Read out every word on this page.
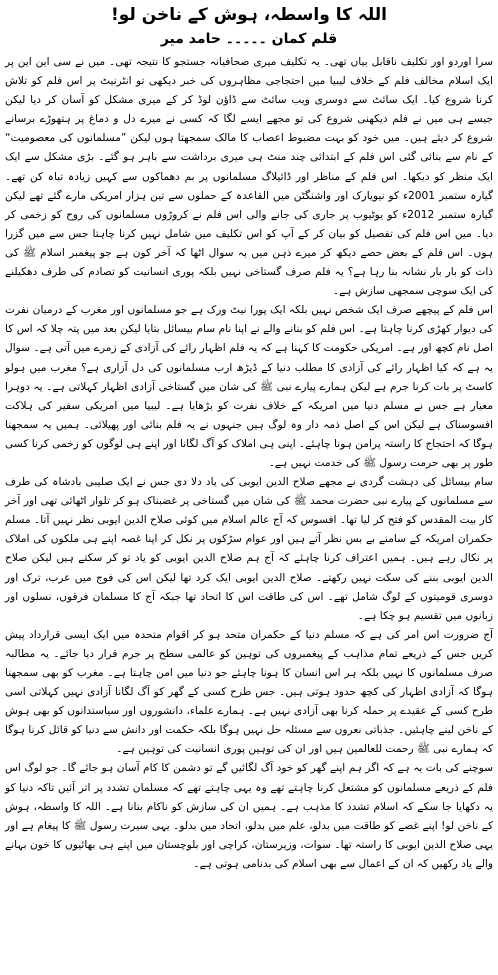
اللہ کا واسطہ، ہوش کے ناخن لو!
قلم کمان ۔۔۔۔۔ حامد میر

سرا اوردو اور تکلیف ناقابل بیاں تھی۔ یہ تکلیف میری صحافیانہ جستجو کا نتیجہ تھی۔ میں نے سی این این پر ایک اسلام مخالف فلم کے خلاف لیبیا میں احتجاجی مظاہروں کی خبر دیکھی تو انٹرنیٹ پر اس فلم کو تلاش کرنا شروع کیا۔ ایک سائٹ سے دوسری ویب سائٹ سے ڈاؤن لوڈ کر کے میری مشکل کو آسان کر دیا لیکن جیسے ہی میں نے فلم دیکھنی شروع کی تو مجھے ایسے لگا کہ کسی نے میرے دل و دماغ پر ہتھوڑے برسانے شروع کر دیئے ہیں۔ میں خود کو بہت مضبوط اعصاب کا مالک سمجھتا ہوں لیکن ”مسلمانوں کی معصومیت“ کے نام سے بنائی گئی اس فلم کے ابتدائی چند منٹ ہی میری برداشت سے باہر ہو گئے۔ بڑی مشکل سے ایک ایک منظر کو دیکھا۔ اس فلم کے مناظر اور ڈائیلاگ مسلمانوں پر بم دھماکوں سے کہیں زیادہ تباہ کن تھے۔ گیارہ ستمبر 2001ء کو نیویارک اور واشنگٹن میں القاعدہ کے حملوں سے تین ہزار امریکی مارے گئے تھے لیکن گیارہ ستمبر 2012ء کو یوٹیوب پر جاری کی جانے والی اس فلم نے کروڑوں مسلمانوں کی روح کو زخمی کر دیا۔ میں اس فلم کی تفصیل کو بیان کر کے آپ کو اس تکلیف میں شامل نہیں کرنا چاہتا جس سے میں گزرا ہوں۔ اس فلم کے بعض حصے دیکھ کر میرے ذہن میں یہ سوال اٹھا کہ آخر کون ہے جو پیغمبر اسلام ﷺ کی ذات کو بار بار نشانہ بنا رہا ہے؟ یہ فلم صرف گستاخی نہیں بلکہ پوری انسانیت کو تصادم کی طرف دھکیلنے کی ایک سوچی سمجھی سازش ہے۔

اس فلم کے پیچھے صرف ایک شخص نہیں بلکہ ایک پورا نیٹ ورک ہے جو مسلمانوں اور مغرب کے درمیان نفرت کی دیوار کھڑی کرنا چاہتا ہے۔ اس فلم کو بنانے والے نے اپنا نام سام بیسائل بتایا لیکن بعد میں پتہ چلا کہ اس کا اصل نام کچھ اور ہے۔ امریکی حکومت کا کہنا ہے کہ یہ فلم اظہار رائے کی آزادی کے زمرے میں آتی ہے۔ سوال یہ ہے کہ کیا اظہار رائے کی آزادی کا مطلب دنیا کے ڈیڑھ ارب مسلمانوں کی دل آزاری ہے؟ مغرب میں ہولو کاسٹ پر بات کرنا جرم ہے لیکن ہمارے پیارے نبی ﷺ کی شان میں گستاخی آزادی اظہار کہلاتی ہے۔ یہ دوہرا معیار ہے جس نے مسلم دنیا میں امریکہ کے خلاف نفرت کو بڑھایا ہے۔ لیبیا میں امریکی سفیر کی ہلاکت افسوسناک ہے لیکن اس کے اصل ذمہ دار وہ لوگ ہیں جنہوں نے یہ فلم بنائی اور پھیلائی۔ ہمیں یہ سمجھنا ہوگا کہ احتجاج کا راستہ پرامن ہونا چاہئے۔ اپنی ہی املاک کو آگ لگانا اور اپنے ہی لوگوں کو زخمی کرنا کسی طور پر بھی حرمت رسول ﷺ کی خدمت نہیں ہے۔

سام بیسائل کی دہشت گردی نے مجھے صلاح الدین ایوبی کی یاد دلا دی جس نے ایک صلیبی بادشاہ کی طرف سے مسلمانوں کے پیارے نبی حضرت محمد ﷺ کی شان میں گستاخی پر غضبناک ہو کر تلوار اٹھائی تھی اور آخر کار بیت المقدس کو فتح کر لیا تھا۔ افسوس کہ آج عالم اسلام میں کوئی صلاح الدین ایوبی نظر نہیں آتا۔ مسلم حکمران امریکہ کے سامنے بے بس نظر آتے ہیں اور عوام سڑکوں پر نکل کر اپنا غصہ اپنے ہی ملکوں کی املاک پر نکال رہے ہیں۔ ہمیں اعتراف کرنا چاہئے کہ آج ہم صلاح الدین ایوبی کو یاد تو کر سکتے ہیں لیکن صلاح الدین ایوبی بننے کی سکت نہیں رکھتے۔ صلاح الدین ایوبی ایک کرد تھا لیکن اس کی فوج میں عرب، ترک اور دوسری قومیتوں کے لوگ شامل تھے۔ اس کی طاقت اس کا اتحاد تھا جبکہ آج کا مسلمان فرقوں، نسلوں اور زبانوں میں تقسیم ہو چکا ہے۔

آج ضرورت اس امر کی ہے کہ مسلم دنیا کے حکمران متحد ہو کر اقوام متحدہ میں ایک ایسی قرارداد پیش کریں جس کے ذریعے تمام مذاہب کے پیغمبروں کی توہین کو عالمی سطح پر جرم قرار دیا جائے۔ یہ مطالبہ صرف مسلمانوں کا نہیں بلکہ ہر اس انسان کا ہونا چاہئے جو دنیا میں امن چاہتا ہے۔ مغرب کو بھی سمجھنا ہوگا کہ آزادی اظہار کی کچھ حدود ہوتی ہیں۔ جس طرح کسی کے گھر کو آگ لگانا آزادی نہیں کہلاتی اسی طرح کسی کے عقیدے پر حملہ کرنا بھی آزادی نہیں ہے۔ ہمارے علماء، دانشوروں اور سیاستدانوں کو بھی ہوش کے ناخن لینے چاہئیں۔ جذباتی نعروں سے مسئلہ حل نہیں ہوگا بلکہ حکمت اور دانش سے دنیا کو قائل کرنا ہوگا کہ ہمارے نبی ﷺ رحمت للعالمین ہیں اور ان کی توہین پوری انسانیت کی توہین ہے۔

سوچنے کی بات یہ ہے کہ اگر ہم اپنے گھر کو خود آگ لگائیں گے تو دشمن کا کام آسان ہو جائے گا۔ جو لوگ اس فلم کے ذریعے مسلمانوں کو مشتعل کرنا چاہتے تھے وہ یہی چاہتے تھے کہ مسلمان تشدد پر اتر آئیں تاکہ دنیا کو یہ دکھایا جا سکے کہ اسلام تشدد کا مذہب ہے۔ ہمیں ان کی سازش کو ناکام بنانا ہے۔ اللہ کا واسطہ، ہوش کے ناخن لو! اپنے غصے کو طاقت میں بدلو، علم میں بدلو، اتحاد میں بدلو۔ یہی سیرت رسول ﷺ کا پیغام ہے اور یہی صلاح الدین ایوبی کا راستہ تھا۔ سوات، وزیرستان، کراچی اور بلوچستان میں اپنے ہی بھائیوں کا خون بہانے والے یاد رکھیں کہ ان کے اعمال سے بھی اسلام کی بدنامی ہوتی ہے۔
